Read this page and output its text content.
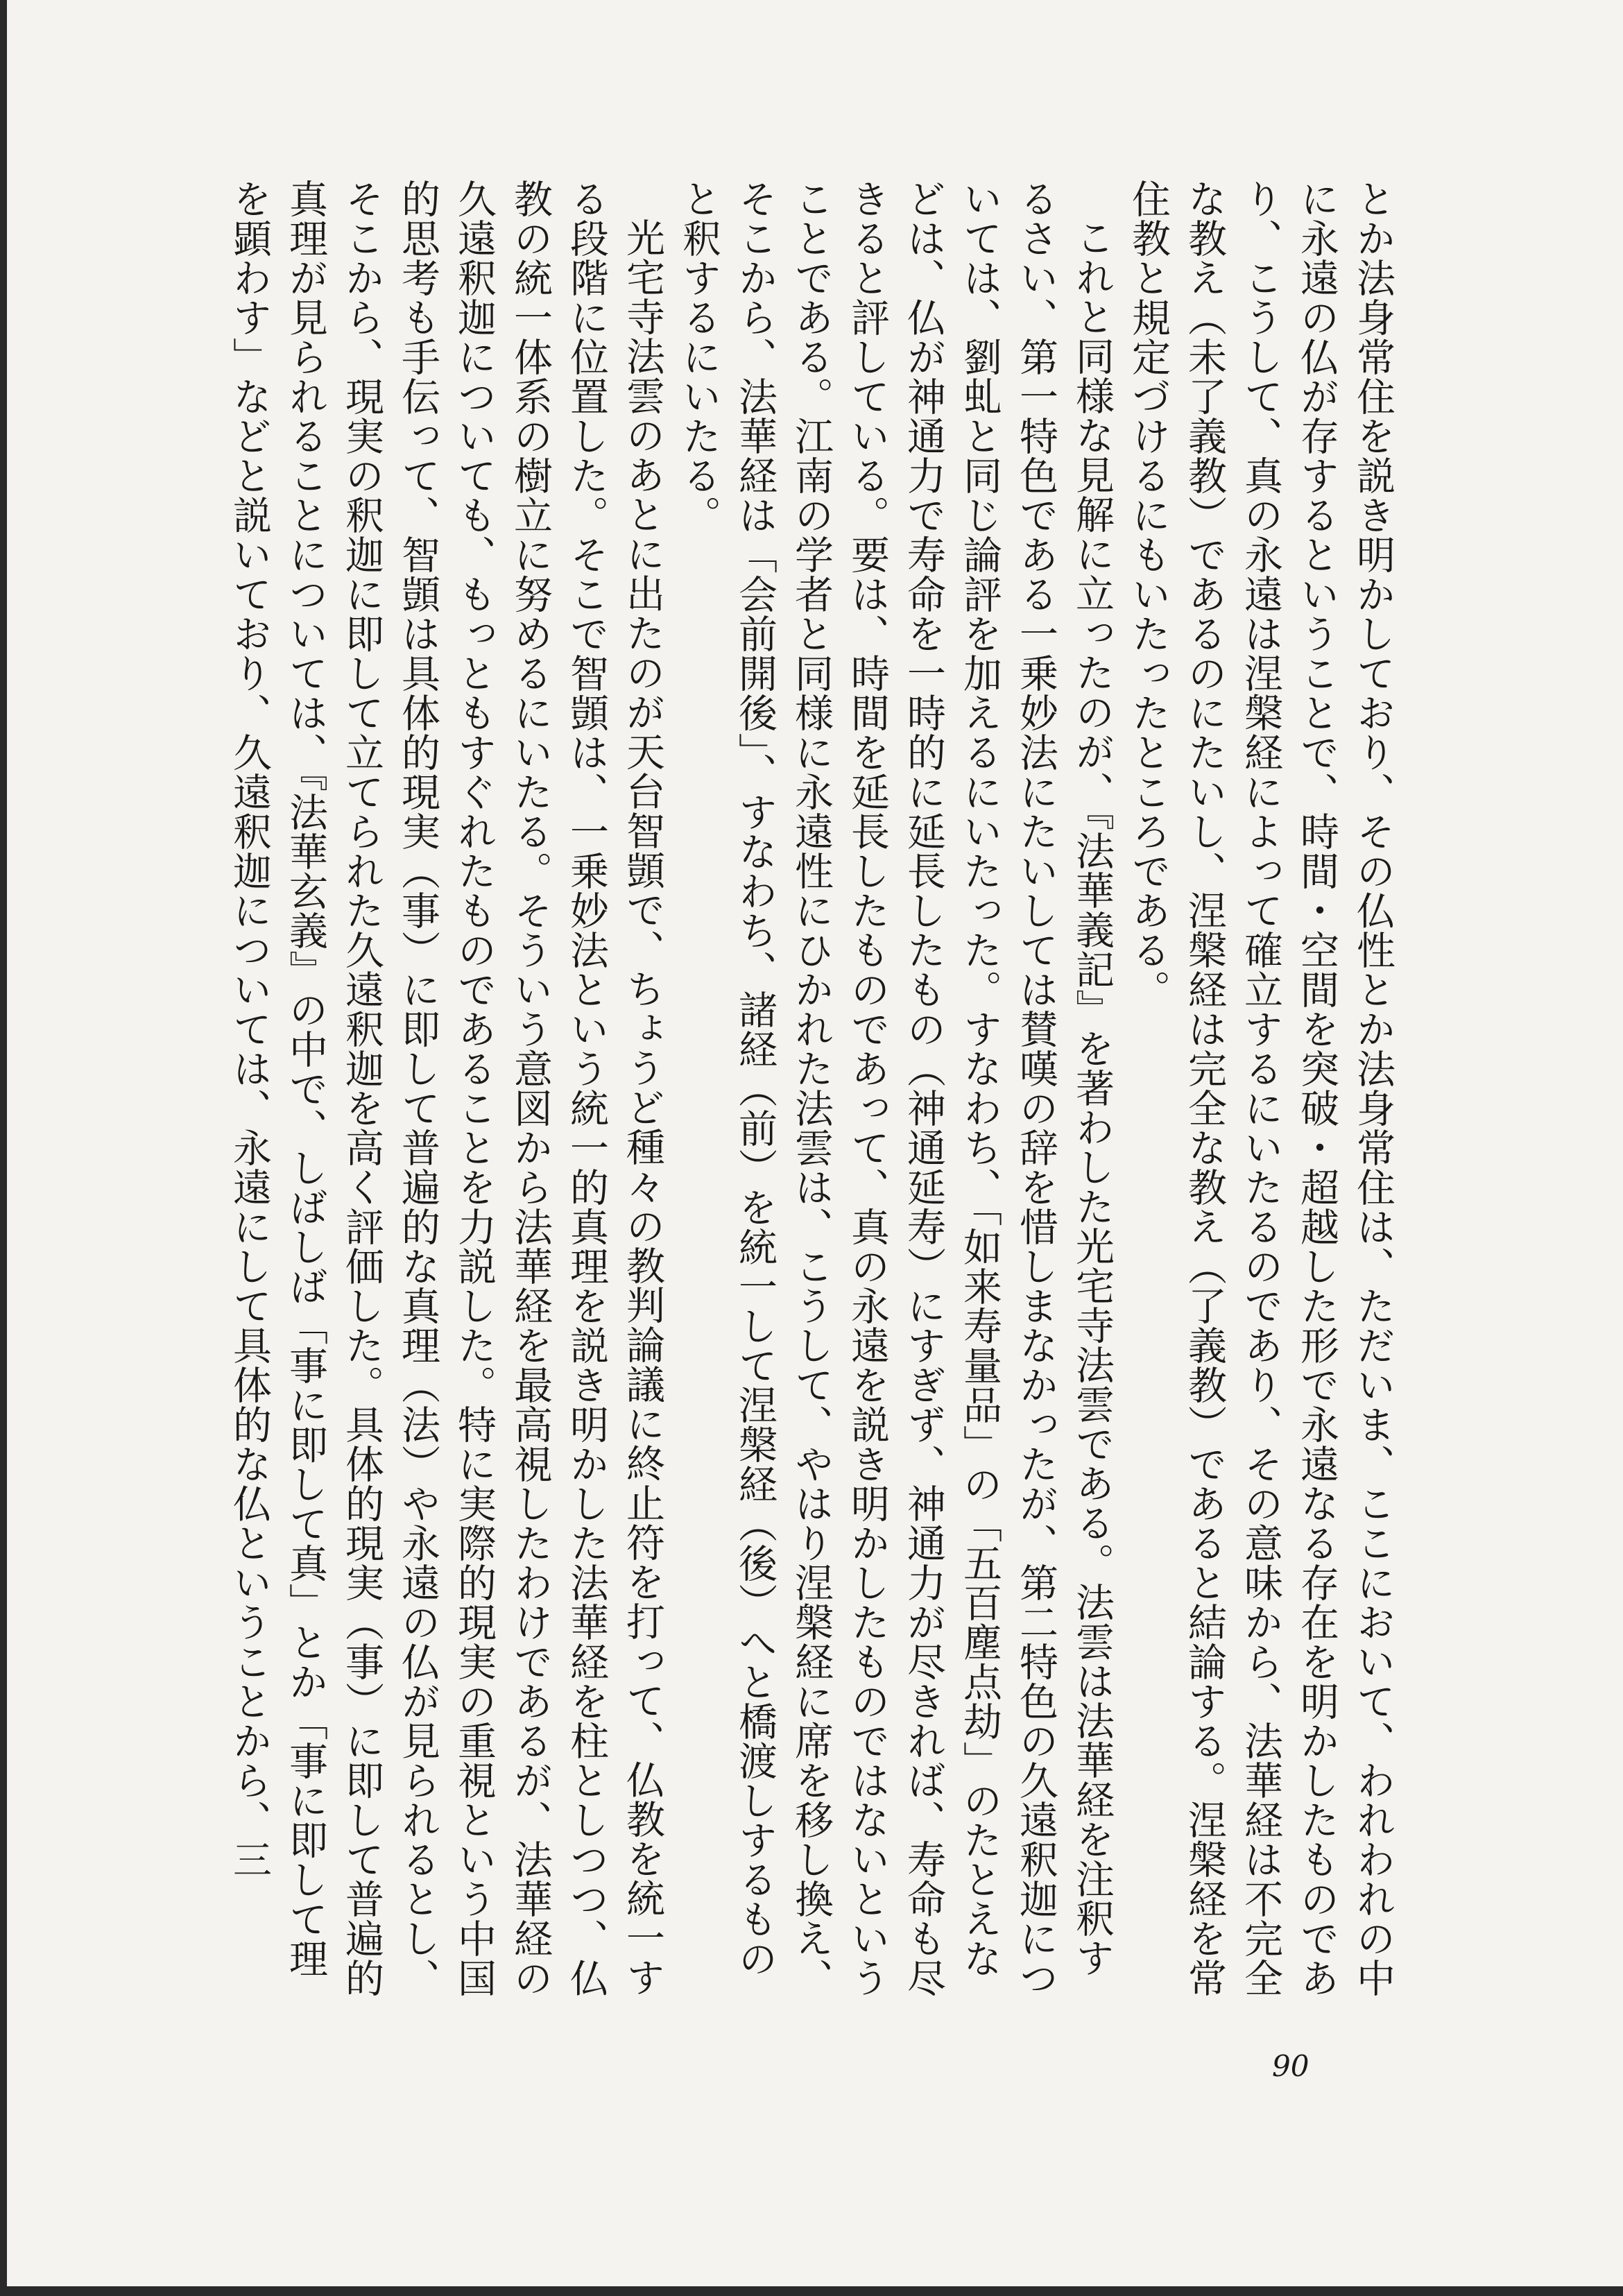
とか法身常住を説き明かしており、その仏性とか法身常住は、ただいま、ここにおいて、われわれの中に永遠の仏が存するということで、時間・空間を突破・超越した形で永遠なる存在を明かしたものであり、こうして、真の永遠は涅槃経によって確立するにいたるのであり、その意味から、法華経は不完全な教え（未了義教）であるのにたいし、涅槃経は完全な教え（了義教）であると結論する。涅槃経を常住教と規定づけるにもいたったところである。

これと同様な見解に立ったのが、『法華義記』を著わした光宅寺法雲である。法雲は法華経を注釈するさい、第一特色である一乗妙法にたいしては賛嘆の辞を惜しまなかったが、第二特色の久遠釈迦については、劉虬と同じ論評を加えるにいたった。すなわち、「如来寿量品」の「五百塵点劫」のたとえなどは、仏が神通力で寿命を一時的に延長したもの（神通延寿）にすぎず、神通力が尽きれば、寿命も尽きると評している。要は、時間を延長したものであって、真の永遠を説き明かしたものではないということである。江南の学者と同様に永遠性にひかれた法雲は、こうして、やはり涅槃経に席を移し換え、そこから、法華経は「会前開後」、すなわち、諸経（前）を統一して涅槃経（後）へと橋渡しするものと釈するにいたる。

光宅寺法雲のあとに出たのが天台智顗で、ちょうど種々の教判論議に終止符を打って、仏教を統一する段階に位置した。そこで智顗は、一乗妙法という統一的真理を説き明かした法華経を柱としつつ、仏教の統一体系の樹立に努めるにいたる。そういう意図から法華経を最高視したわけであるが、法華経の久遠釈迦についても、もっともすぐれたものであることを力説した。特に実際的現実の重視という中国的思考も手伝って、智顗は具体的現実（事）に即して普遍的な真理（法）や永遠の仏が見られるとし、そこから、現実の釈迦に即して立てられた久遠釈迦を高く評価した。具体的現実（事）に即して普遍的真理が見られることについては、『法華玄義』の中で、しばしば「事に即して真」とか「事に即して理を顕わす」などと説いており、久遠釈迦については、永遠にして具体的な仏ということから、三

90
